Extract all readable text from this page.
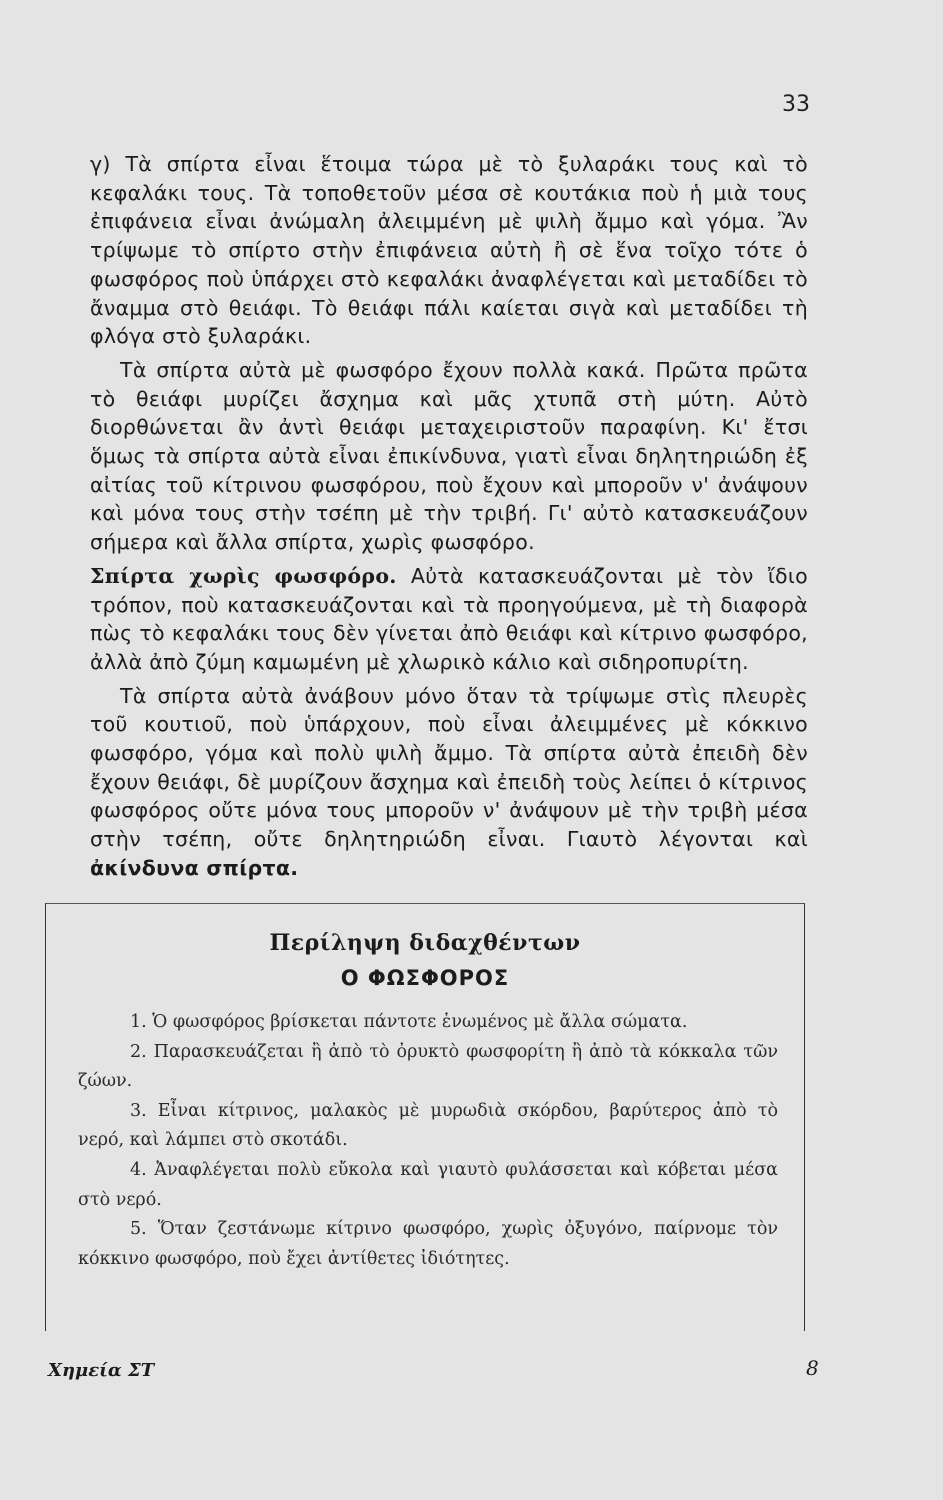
33

γ) Τὰ σπίρτα εἶναι ἕτοιμα τώρα μὲ τὸ ξυλαράκι τους καὶ τὸ κεφαλάκι τους. Τὰ τοποθετοῦν μέσα σὲ κουτάκια ποὺ ἡ μιὰ τους ἐπιφάνεια εἶναι ἀνώμαλη ἀλειμμένη μὲ ψιλὴ ἄμμο καὶ γόμα. Ἂν τρίψωμε τὸ σπίρτο στὴν ἐπιφάνεια αὐτὴ ἢ σὲ ἕνα τοῖχο τότε ὁ φωσφόρος ποὺ ὑπάρχει στὸ κεφαλάκι ἀναφλέγεται καὶ μεταδίδει τὸ ἄναμμα στὸ θειάφι. Τὸ θειάφι πάλι καίεται σιγὰ καὶ μεταδίδει τὴ φλόγα στὸ ξυλαράκι.

Τὰ σπίρτα αὐτὰ μὲ φωσφόρο ἔχουν πολλὰ κακά. Πρῶτα πρῶτα τὸ θειάφι μυρίζει ἄσχημα καὶ μᾶς χτυπᾶ στὴ μύτη. Αὐτὸ διορθώνεται ἂν ἀντὶ θειάφι μεταχειριστοῦν παραφίνη. Κι' ἔτσι ὅμως τὰ σπίρτα αὐτὰ εἶναι ἐπικίνδυνα, γιατὶ εἶναι δηλητηριώδη ἐξ αἰτίας τοῦ κίτρινου φωσφόρου, ποὺ ἔχουν καὶ μποροῦν ν' ἀνάψουν καὶ μόνα τους στὴν τσέπη μὲ τὴν τριβή. Γι' αὐτὸ κατασκευάζουν σήμερα καὶ ἄλλα σπίρτα, χωρὶς φωσφόρο.

Σπίρτα χωρὶς φωσφόρο. Αὐτὰ κατασκευάζονται μὲ τὸν ἴδιο τρόπον, ποὺ κατασκευάζονται καὶ τὰ προηγούμενα, μὲ τὴ διαφορὰ πὼς τὸ κεφαλάκι τους δὲν γίνεται ἀπὸ θειάφι καὶ κίτρινο φωσφόρο, ἀλλὰ ἀπὸ ζύμη καμωμένη μὲ χλωρικὸ κάλιο καὶ σιδηροπυρίτη.

Τὰ σπίρτα αὐτὰ ἀνάβουν μόνο ὅταν τὰ τρίψωμε στὶς πλευρὲς τοῦ κουτιοῦ, ποὺ ὑπάρχουν, ποὺ εἶναι ἀλειμμένες μὲ κόκκινο φωσφόρο, γόμα καὶ πολὺ ψιλὴ ἄμμο. Τὰ σπίρτα αὐτὰ ἐπειδὴ δὲν ἔχουν θειάφι, δὲ μυρίζουν ἄσχημα καὶ ἐπειδὴ τοὺς λείπει ὁ κίτρινος φωσφόρος οὔτε μόνα τους μποροῦν ν' ἀνάψουν μὲ τὴν τριβὴ μέσα στὴν τσέπη, οὔτε δηλητηριώδη εἶναι. Γιαυτὸ λέγονται καὶ ἀκίνδυνα σπίρτα.

Περίληψη διδαχθέντων
Ο ΦΩΣΦΟΡΟΣ

1. Ὁ φωσφόρος βρίσκεται πάντοτε ἑνωμένος μὲ ἄλλα σώματα.

2. Παρασκευάζεται ἢ ἀπὸ τὸ ὀρυκτὸ φωσφορίτη ἢ ἀπὸ τὰ κόκκαλα τῶν ζώων.

3. Εἶναι κίτρινος, μαλακὸς μὲ μυρωδιὰ σκόρδου, βαρύτερος ἀπὸ τὸ νερό, καὶ λάμπει στὸ σκοτάδι.

4. Ἀναφλέγεται πολὺ εὔκολα καὶ γιαυτὸ φυλάσσεται καὶ κόβεται μέσα στὸ νερό.

5. Ὅταν ζεστάνωμε κίτρινο φωσφόρο, χωρὶς ὀξυγόνο, παίρνομε τὸν κόκκινο φωσφόρο, ποὺ ἔχει ἀντίθετες ἰδιότητες.

Χημεία ΣΤ	8
